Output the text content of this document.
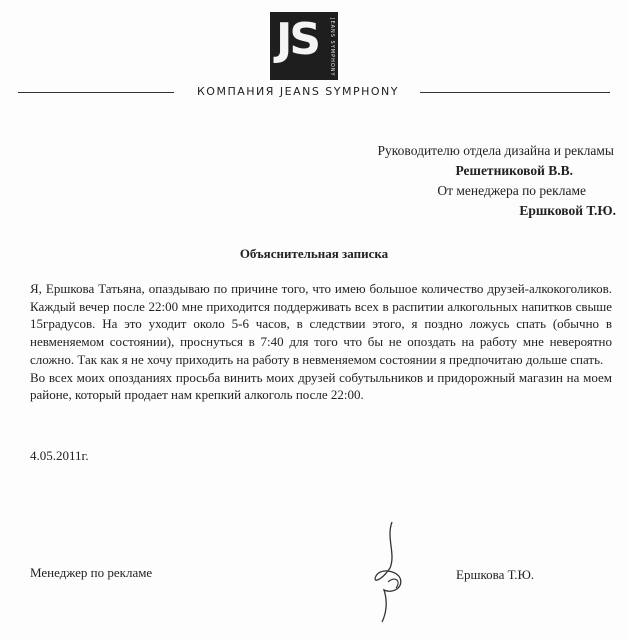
JS	JEANS SYMPHONY
КОМПАНИЯ JEANS SYMPHONY
Руководителю отдела дизайна и рекламы
Решетниковой В.В.
От менеджера по рекламе
Ершковой Т.Ю.
Объяснительная записка

Я, Ершкова Татьяна, опаздываю по причине того, что имею большое количество друзей-алкокоголиков. Каждый вечер после 22:00 мне приходится поддерживать всех в распитии алкогольных напитков свыше 15градусов. На это уходит около 5-6 часов, в следствии этого, я поздно ложусь спать (обычно в невменяемом состоянии), проснуться в 7:40 для того что бы не опоздать на работу мне невероятно сложно. Так как я не хочу приходить на работу в невменяемом состоянии я предпочитаю дольше спать.

Во всех моих опозданиях просьба винить моих друзей собутыльников и придорожный магазин на моем районе, который продает нам крепкий алкоголь после 22:00.

4.05.2011г.
Менеджер по рекламе	Ершкова Т.Ю.
